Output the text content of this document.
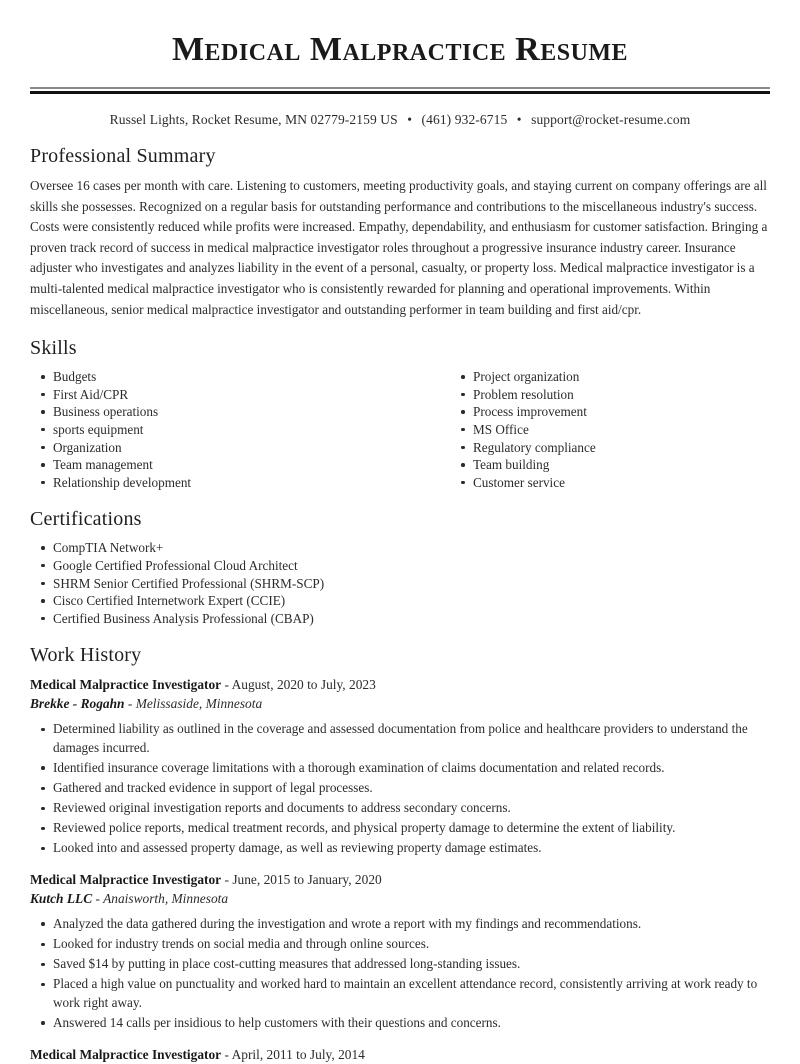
Medical Malpractice Resume
Russel Lights, Rocket Resume, MN 02779-2159 US • (461) 932-6715 • support@rocket-resume.com
Professional Summary

Oversee 16 cases per month with care. Listening to customers, meeting productivity goals, and staying current on company offerings are all skills she possesses. Recognized on a regular basis for outstanding performance and contributions to the miscellaneous industry's success. Costs were consistently reduced while profits were increased. Empathy, dependability, and enthusiasm for customer satisfaction. Bringing a proven track record of success in medical malpractice investigator roles throughout a progressive insurance industry career. Insurance adjuster who investigates and analyzes liability in the event of a personal, casualty, or property loss. Medical malpractice investigator is a multi-talented medical malpractice investigator who is consistently rewarded for planning and operational improvements. Within miscellaneous, senior medical malpractice investigator and outstanding performer in team building and first aid/cpr.

Skills
Budgets
First Aid/CPR
Business operations
sports equipment
Organization
Team management
Relationship development
Project organization
Problem resolution
Process improvement
MS Office
Regulatory compliance
Team building
Customer service
Certifications
CompTIA Network+
Google Certified Professional Cloud Architect
SHRM Senior Certified Professional (SHRM-SCP)
Cisco Certified Internetwork Expert (CCIE)
Certified Business Analysis Professional (CBAP)
Work History
Medical Malpractice Investigator - August, 2020 to July, 2023
Brekke - Rogahn - Melissaside, Minnesota
Determined liability as outlined in the coverage and assessed documentation from police and healthcare providers to understand the damages incurred.
Identified insurance coverage limitations with a thorough examination of claims documentation and related records.
Gathered and tracked evidence in support of legal processes.
Reviewed original investigation reports and documents to address secondary concerns.
Reviewed police reports, medical treatment records, and physical property damage to determine the extent of liability.
Looked into and assessed property damage, as well as reviewing property damage estimates.
Medical Malpractice Investigator - June, 2015 to January, 2020
Kutch LLC - Anaisworth, Minnesota
Analyzed the data gathered during the investigation and wrote a report with my findings and recommendations.
Looked for industry trends on social media and through online sources.
Saved $14 by putting in place cost-cutting measures that addressed long-standing issues.
Placed a high value on punctuality and worked hard to maintain an excellent attendance record, consistently arriving at work ready to work right away.
Answered 14 calls per insidious to help customers with their questions and concerns.
Medical Malpractice Investigator - April, 2011 to July, 2014
